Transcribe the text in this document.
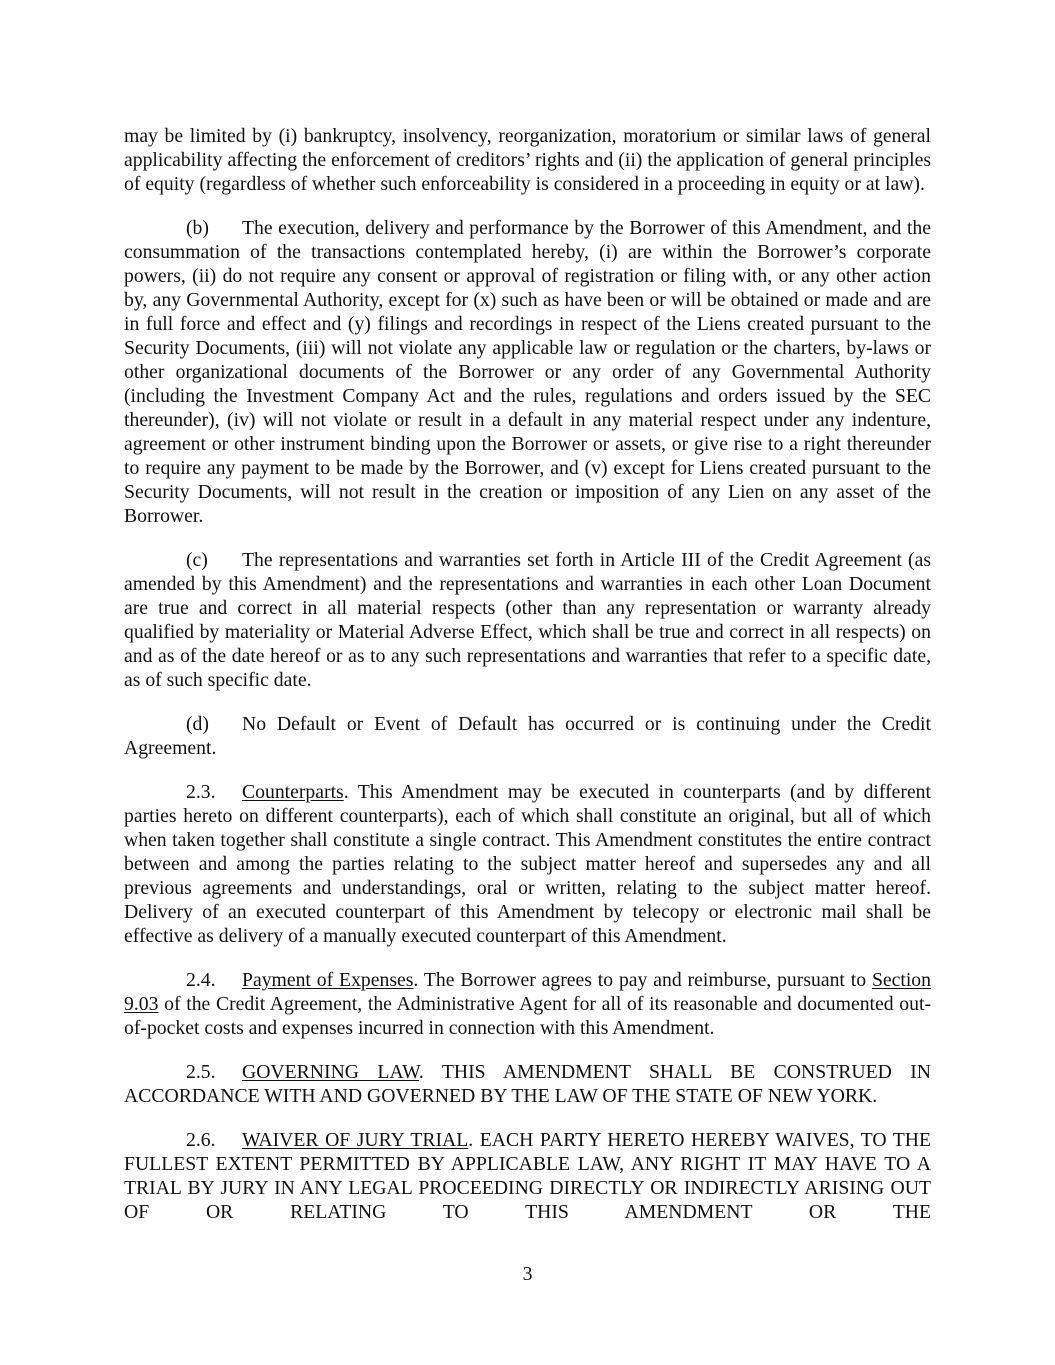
may be limited by (i) bankruptcy, insolvency, reorganization, moratorium or similar laws of general applicability affecting the enforcement of creditors’ rights and (ii) the application of general principles of equity (regardless of whether such enforceability is considered in a proceeding in equity or at law).

(b) The execution, delivery and performance by the Borrower of this Amendment, and the consummation of the transactions contemplated hereby, (i) are within the Borrower’s corporate powers, (ii) do not require any consent or approval of registration or filing with, or any other action by, any Governmental Authority, except for (x) such as have been or will be obtained or made and are in full force and effect and (y) filings and recordings in respect of the Liens created pursuant to the Security Documents, (iii) will not violate any applicable law or regulation or the charters, by-laws or other organizational documents of the Borrower or any order of any Governmental Authority (including the Investment Company Act and the rules, regulations and orders issued by the SEC thereunder), (iv) will not violate or result in a default in any material respect under any indenture, agreement or other instrument binding upon the Borrower or assets, or give rise to a right thereunder to require any payment to be made by the Borrower, and (v) except for Liens created pursuant to the Security Documents, will not result in the creation or imposition of any Lien on any asset of the Borrower.

(c) The representations and warranties set forth in Article III of the Credit Agreement (as amended by this Amendment) and the representations and warranties in each other Loan Document are true and correct in all material respects (other than any representation or warranty already qualified by materiality or Material Adverse Effect, which shall be true and correct in all respects) on and as of the date hereof or as to any such representations and warranties that refer to a specific date, as of such specific date.

(d) No Default or Event of Default has occurred or is continuing under the Credit Agreement.

2.3. Counterparts. This Amendment may be executed in counterparts (and by different parties hereto on different counterparts), each of which shall constitute an original, but all of which when taken together shall constitute a single contract. This Amendment constitutes the entire contract between and among the parties relating to the subject matter hereof and supersedes any and all previous agreements and understandings, oral or written, relating to the subject matter hereof. Delivery of an executed counterpart of this Amendment by telecopy or electronic mail shall be effective as delivery of a manually executed counterpart of this Amendment.

2.4. Payment of Expenses. The Borrower agrees to pay and reimburse, pursuant to Section 9.03 of the Credit Agreement, the Administrative Agent for all of its reasonable and documented out-of-pocket costs and expenses incurred in connection with this Amendment.

2.5. GOVERNING LAW. THIS AMENDMENT SHALL BE CONSTRUED IN ACCORDANCE WITH AND GOVERNED BY THE LAW OF THE STATE OF NEW YORK.

2.6. WAIVER OF JURY TRIAL. EACH PARTY HERETO HEREBY WAIVES, TO THE FULLEST EXTENT PERMITTED BY APPLICABLE LAW, ANY RIGHT IT MAY HAVE TO A TRIAL BY JURY IN ANY LEGAL PROCEEDING DIRECTLY OR INDIRECTLY ARISING OUT OF OR RELATING TO THIS AMENDMENT OR THE

3
